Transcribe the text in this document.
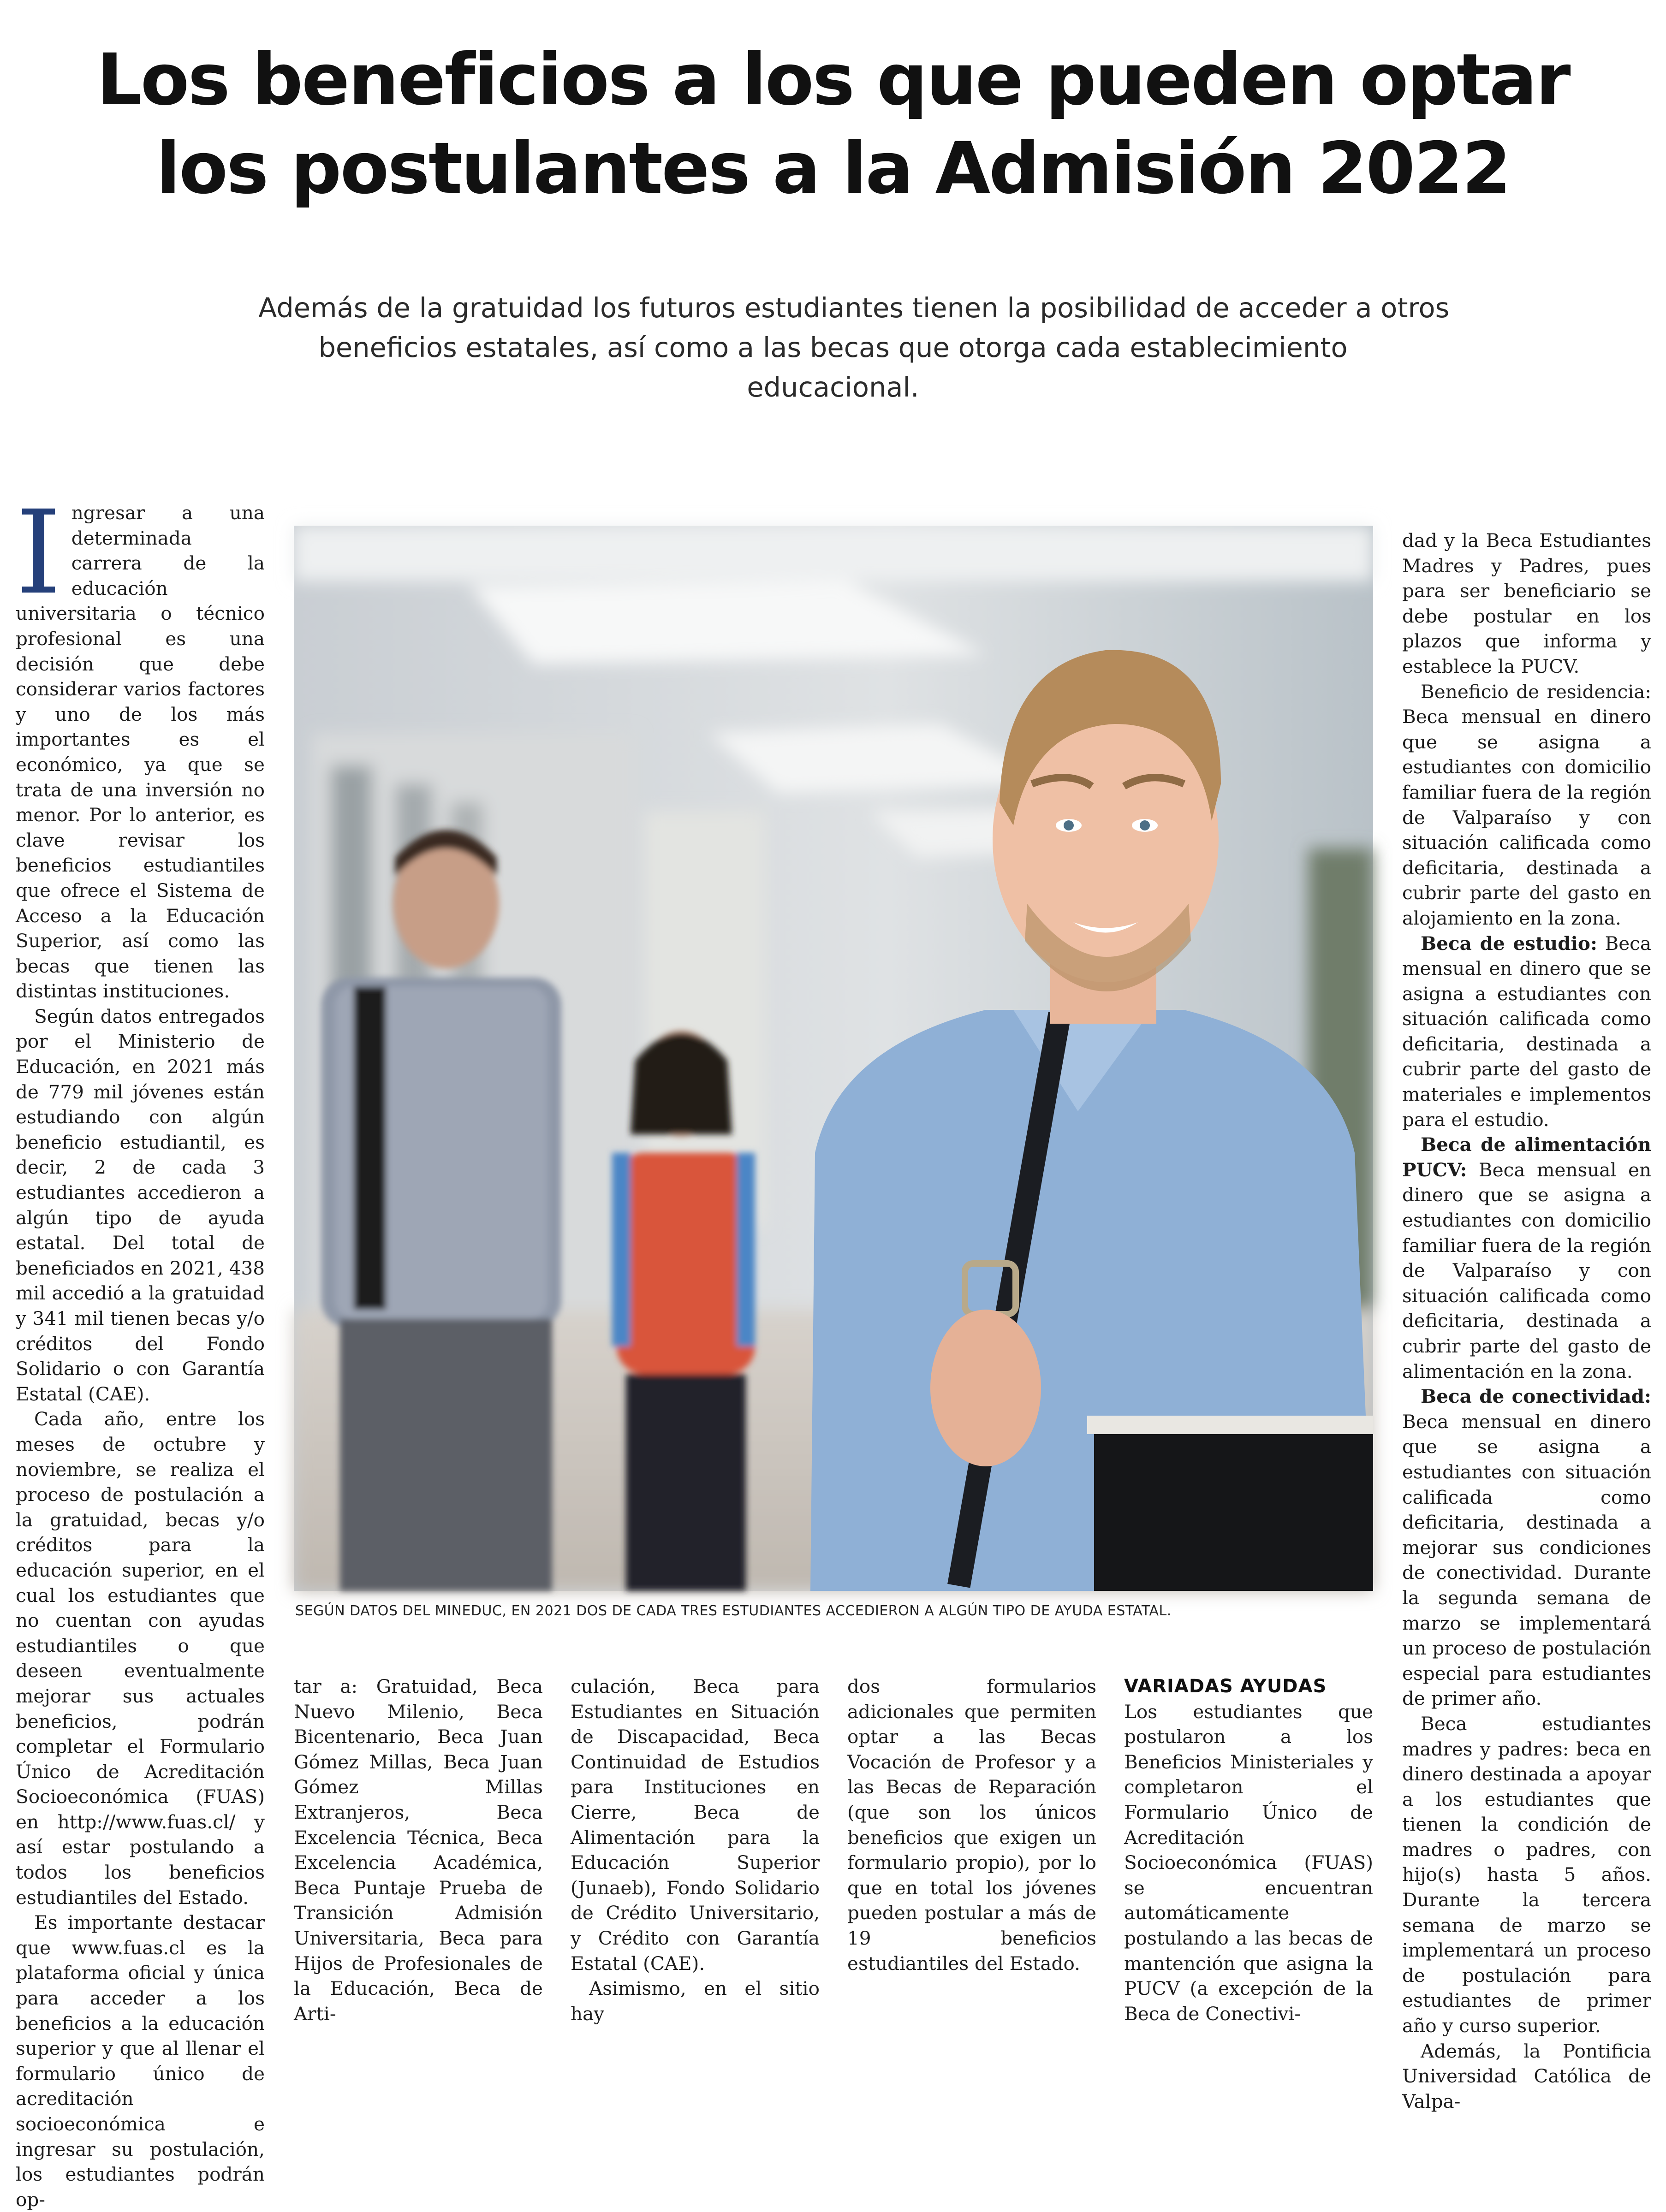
Los beneficios a los que pueden optar
los postulantes a la Admisión 2022
Además de la gratuidad los futuros estudiantes tienen la posibilidad de acceder a otros
beneficios estatales, así como a las becas que otorga cada establecimiento
educacional.
I ngresar a una determinada carrera de la educación universitaria o técnico profesional es una decisión que debe considerar varios factores y uno de los más importantes es el económico, ya que se trata de una inversión no menor. Por lo anterior, es clave revisar los beneficios estudiantiles que ofrece el Sistema de Acceso a la Educación Superior, así como las becas que tienen las distintas instituciones.

Según datos entregados por el Ministerio de Educación, en 2021 más de 779 mil jóvenes están estudiando con algún beneficio estudiantil, es decir, 2 de cada 3 estudiantes accedieron a algún tipo de ayuda estatal. Del total de beneficiados en 2021, 438 mil accedió a la gratuidad y 341 mil tienen becas y/o créditos del Fondo Solidario o con Garantía Estatal (CAE).

Cada año, entre los meses de octubre y noviembre, se realiza el proceso de postulación a la gratuidad, becas y/o créditos para la educación superior, en el cual los estudiantes que no cuentan con ayudas estudiantiles o que deseen eventualmente mejorar sus actuales beneficios, podrán completar el Formulario Único de Acreditación Socioeconómica (FUAS) en http://www.fuas.cl/ y así estar postulando a todos los beneficios estudiantiles del Estado.

Es importante destacar que www.fuas.cl es la plataforma oficial y única para acceder a los beneficios a la educación superior y que al llenar el formulario único de acreditación socioeconómica e ingresar su postulación, los estudiantes podrán op-

SEGÚN DATOS DEL MINEDUC, EN 2021 DOS DE CADA TRES ESTUDIANTES ACCEDIERON A ALGÚN TIPO DE AYUDA ESTATAL.

tar a: Gratuidad, Beca Nuevo Milenio, Beca Bicentenario, Beca Juan Gómez Millas, Beca Juan Gómez Millas Extranjeros, Beca Excelencia Técnica, Beca Excelencia Académica, Beca Puntaje Prueba de Transición Admisión Universitaria, Beca para Hijos de Profesionales de la Educación, Beca de Arti-

culación, Beca para Estudiantes en Situación de Discapacidad, Beca Continuidad de Estudios para Instituciones en Cierre, Beca de Alimentación para la Educación Superior (Junaeb), Fondo Solidario de Crédito Universitario, y Crédito con Garantía Estatal (CAE).

Asimismo, en el sitio hay

dos formularios adicionales que permiten optar a las Becas Vocación de Profesor y a las Becas de Reparación (que son los únicos beneficios que exigen un formulario propio), por lo que en total los jóvenes pueden postular a más de 19 beneficios estudiantiles del Estado.

VARIADAS AYUDAS

Los estudiantes que postularon a los Beneficios Ministeriales y completaron el Formulario Único de Acreditación Socioeconómica (FUAS) se encuentran automáticamente postulando a las becas de mantención que asigna la PUCV (a excepción de la Beca de Conectivi-

dad y la Beca Estudiantes Madres y Padres, pues para ser beneficiario se debe postular en los plazos que informa y establece la PUCV.

Beneficio de residencia: Beca mensual en dinero que se asigna a estudiantes con domicilio familiar fuera de la región de Valparaíso y con situación calificada como deficitaria, destinada a cubrir parte del gasto en alojamiento en la zona.

Beca de estudio: Beca mensual en dinero que se asigna a estudiantes con situación calificada como deficitaria, destinada a cubrir parte del gasto de materiales e implementos para el estudio.

Beca de alimentación PUCV: Beca mensual en dinero que se asigna a estudiantes con domicilio familiar fuera de la región de Valparaíso y con situación calificada como deficitaria, destinada a cubrir parte del gasto de alimentación en la zona.

Beca de conectividad: Beca mensual en dinero que se asigna a estudiantes con situación calificada como deficitaria, destinada a mejorar sus condiciones de conectividad. Durante la segunda semana de marzo se implementará un proceso de postulación especial para estudiantes de primer año.

Beca estudiantes madres y padres: beca en dinero destinada a apoyar a los estudiantes que tienen la condición de madres o padres, con hijo(s) hasta 5 años. Durante la tercera semana de marzo se implementará un proceso de postulación para estudiantes de primer año y curso superior.

Además, la Pontificia Universidad Católica de Valpa-
